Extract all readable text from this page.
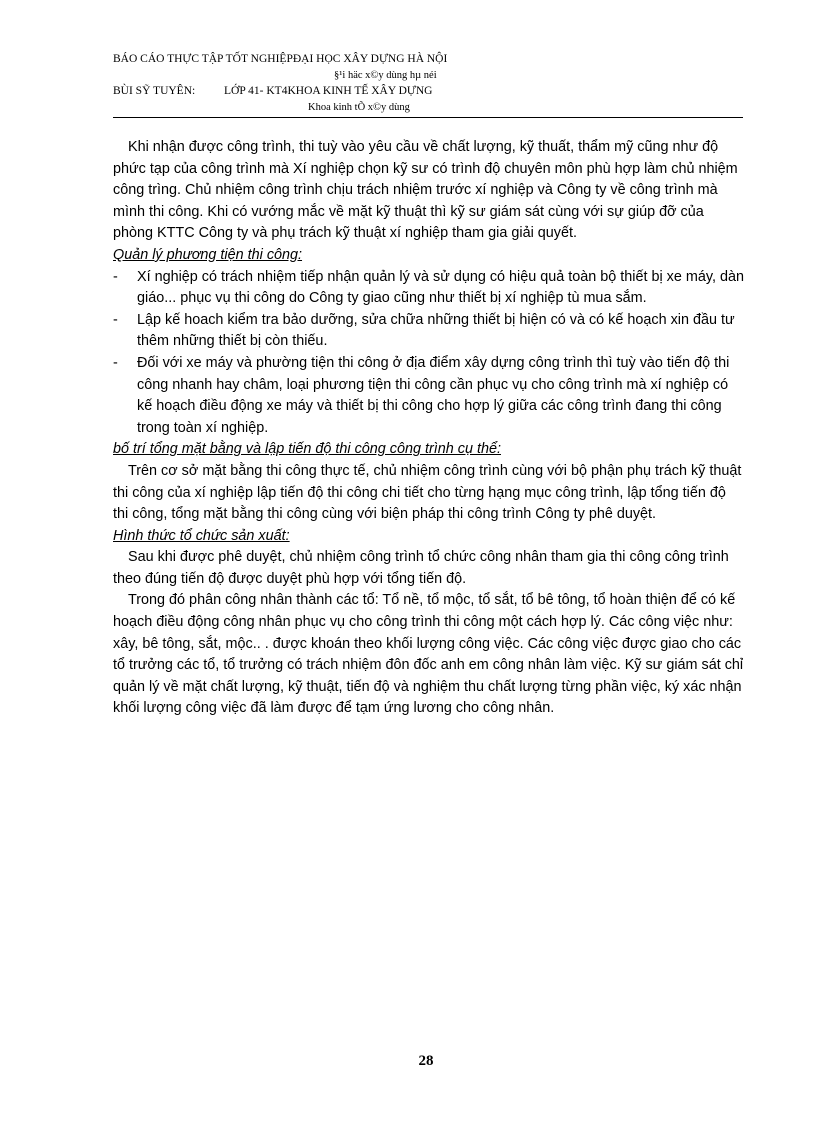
BÁO CÁO THỰC TẬP TỐT NGHIỆPĐẠI HỌC XÂY DỰNG HÀ NỘI
§¹i häc x©y dùng hµ néi
BÙI SỸ TUYÊN:	LỚP 41- KT4KHOA KINH TẾ XÂY DỰNG
Khoa kinh tÕ x©y dùng

Khi nhận được công trình, thi tuỳ vào yêu cầu về chất lượng, kỹ thuất, thẩm mỹ cũng như độ phức tạp của công trình mà Xí nghiệp chọn kỹ sư có trình độ chuyên môn phù hợp làm chủ nhiệm công trìng. Chủ nhiệm công trình chịu trách nhiệm trước xí nghiệp và Công ty về công trình mà mình thi công. Khi có vướng mắc về mặt kỹ thuật thì kỹ sư giám sát cùng với sự giúp đỡ của phòng KTTC Công ty và phụ trách kỹ thuật xí nghiệp tham gia giải quyết.

Quản lý phương tiện thi công:

- Xí nghiệp có trách nhiệm tiếp nhận quản lý và sử dụng có hiệu quả toàn bộ thiết bị xe máy, dàn giáo... phục vụ thi công do Công ty giao cũng như thiết bị xí nghiệp tù mua sắm.
- Lập kế hoach kiểm tra bảo dưỡng, sửa chữa những thiết bị hiện có và có kế hoạch xin đầu tư thêm những thiết bị còn thiếu.
- Đối với xe máy và phường tiện thi công ở địa điểm xây dựng công trình thì tuỳ vào tiến độ thi công nhanh hay châm, loại phương tiện thi công cần phục vụ cho công trình mà xí nghiệp có kế hoạch điều động xe máy và thiết bị thi công cho hợp lý giữa các công trình đang thi công trong toàn xí nghiệp.

bố trí tổng mặt bằng và lập tiến độ thi công công trình cụ thể:

Trên cơ sở mặt bằng thi công thực tế, chủ nhiệm công trình cùng với bộ phận phụ trách kỹ thuật thi công của xí nghiệp lập tiến độ thi công chi tiết cho từng hạng mục công trình, lập tổng tiến độ thi công, tổng mặt bằng thi công cùng với biện pháp thi công trình Công ty phê duyệt.

Hình thức tổ chức sản xuất:

Sau khi được phê duyệt, chủ nhiệm công trình tổ chức công nhân tham gia thi công công trình theo đúng tiến độ được duyệt phù hợp với tổng tiến độ.

Trong đó phân công nhân thành các tổ: Tổ nề, tổ mộc, tổ sắt, tổ bê tông, tổ hoàn thiện để có kế hoạch điều động công nhân phục vụ cho công trình thi công một cách hợp lý. Các công việc như: xây, bê tông, sắt, mộc.. . được khoán theo khối lượng công việc. Các công việc được giao cho các tổ trưởng các tổ, tổ trưởng có trách nhiệm đôn đốc anh em công nhân làm việc. Kỹ sư giám sát chỉ quản lý về mặt chất lượng, kỹ thuật, tiến độ và nghiệm thu chất lượng từng phần việc, ký xác nhận khối lượng công việc đã làm được để tạm ứng lương cho công nhân.

28
